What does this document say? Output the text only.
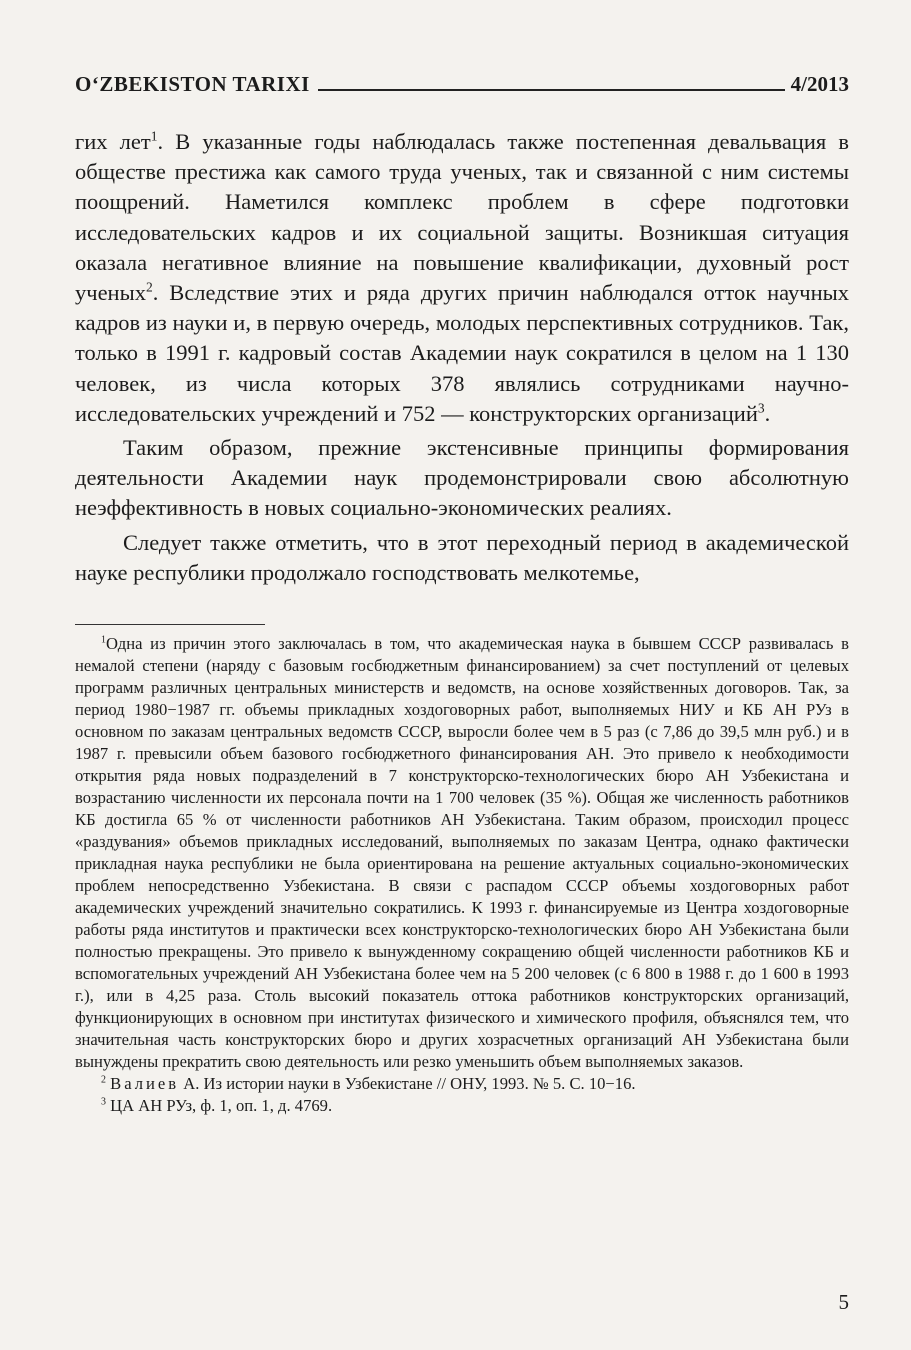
O‘ZBEKISTON TARIXI	4/2013

гих лет$^1$. В указанные годы наблюдалась также постепенная девальвация в обществе престижа как самого труда ученых, так и связанной с ним системы поощрений. Наметился комплекс проблем в сфере подготовки исследовательских кадров и их социальной защиты. Возникшая ситуация оказала негативное влияние на повышение квалификации, духовный рост ученых$^2$. Вследствие этих и ряда других причин наблюдался отток научных кадров из науки и, в первую очередь, молодых перспективных сотрудников. Так, только в 1991 г. кадровый состав Академии наук сократился в целом на 1 130 человек, из числа которых 378 являлись сотрудниками научно-исследовательских учреждений и 752 — конструкторских организаций$^3$.

Таким образом, прежние экстенсивные принципы формирования деятельности Академии наук продемонстрировали свою абсолютную неэффективность в новых социально-экономических реалиях.

Следует также отметить, что в этот переходный период в академической науке республики продолжало господствовать мелкотемье,

$^1$Одна из причин этого заключалась в том, что академическая наука в бывшем СССР развивалась в немалой степени (наряду с базовым госбюджетным финансированием) за счет поступлений от целевых программ различных центральных министерств и ведомств, на основе хозяйственных договоров. Так, за период 1980−1987 гг. объемы прикладных хоздоговорных работ, выполняемых НИУ и КБ АН РУз в основном по заказам центральных ведомств СССР, выросли более чем в 5 раз (с 7,86 до 39,5 млн руб.) и в 1987 г. превысили объем базового госбюджетного финансирования АН. Это привело к необходимости открытия ряда новых подразделений в 7 конструкторско-технологических бюро АН Узбекистана и возрастанию численности их персонала почти на 1 700 человек (35 %). Общая же численность работников КБ достигла 65 % от численности работников АН Узбекистана. Таким образом, происходил процесс «раздувания» объемов прикладных исследований, выполняемых по заказам Центра, однако фактически прикладная наука республики не была ориентирована на решение актуальных социально-экономических проблем непосредственно Узбекистана. В связи с распадом СССР объемы хоздоговорных работ академических учреждений значительно сократились. К 1993 г. финансируемые из Центра хоздоговорные работы ряда институтов и практически всех конструкторско-технологических бюро АН Узбекистана были полностью прекращены. Это привело к вынужденному сокращению общей численности работников КБ и вспомогательных учреждений АН Узбекистана более чем на 5 200 человек (с 6 800 в 1988 г. до 1 600 в 1993 г.), или в 4,25 раза. Столь высокий показатель оттока работников конструкторских организаций, функционирующих в основном при институтах физического и химического профиля, объяснялся тем, что значительная часть конструкторских бюро и других хозрасчетных организаций АН Узбекистана были вынуждены прекратить свою деятельность или резко уменьшить объем выполняемых заказов.

$^2$ Валиев А. Из истории науки в Узбекистане // ОНУ, 1993. № 5. С. 10−16.

$^3$ ЦА АН РУз, ф. 1, оп. 1, д. 4769.

5
